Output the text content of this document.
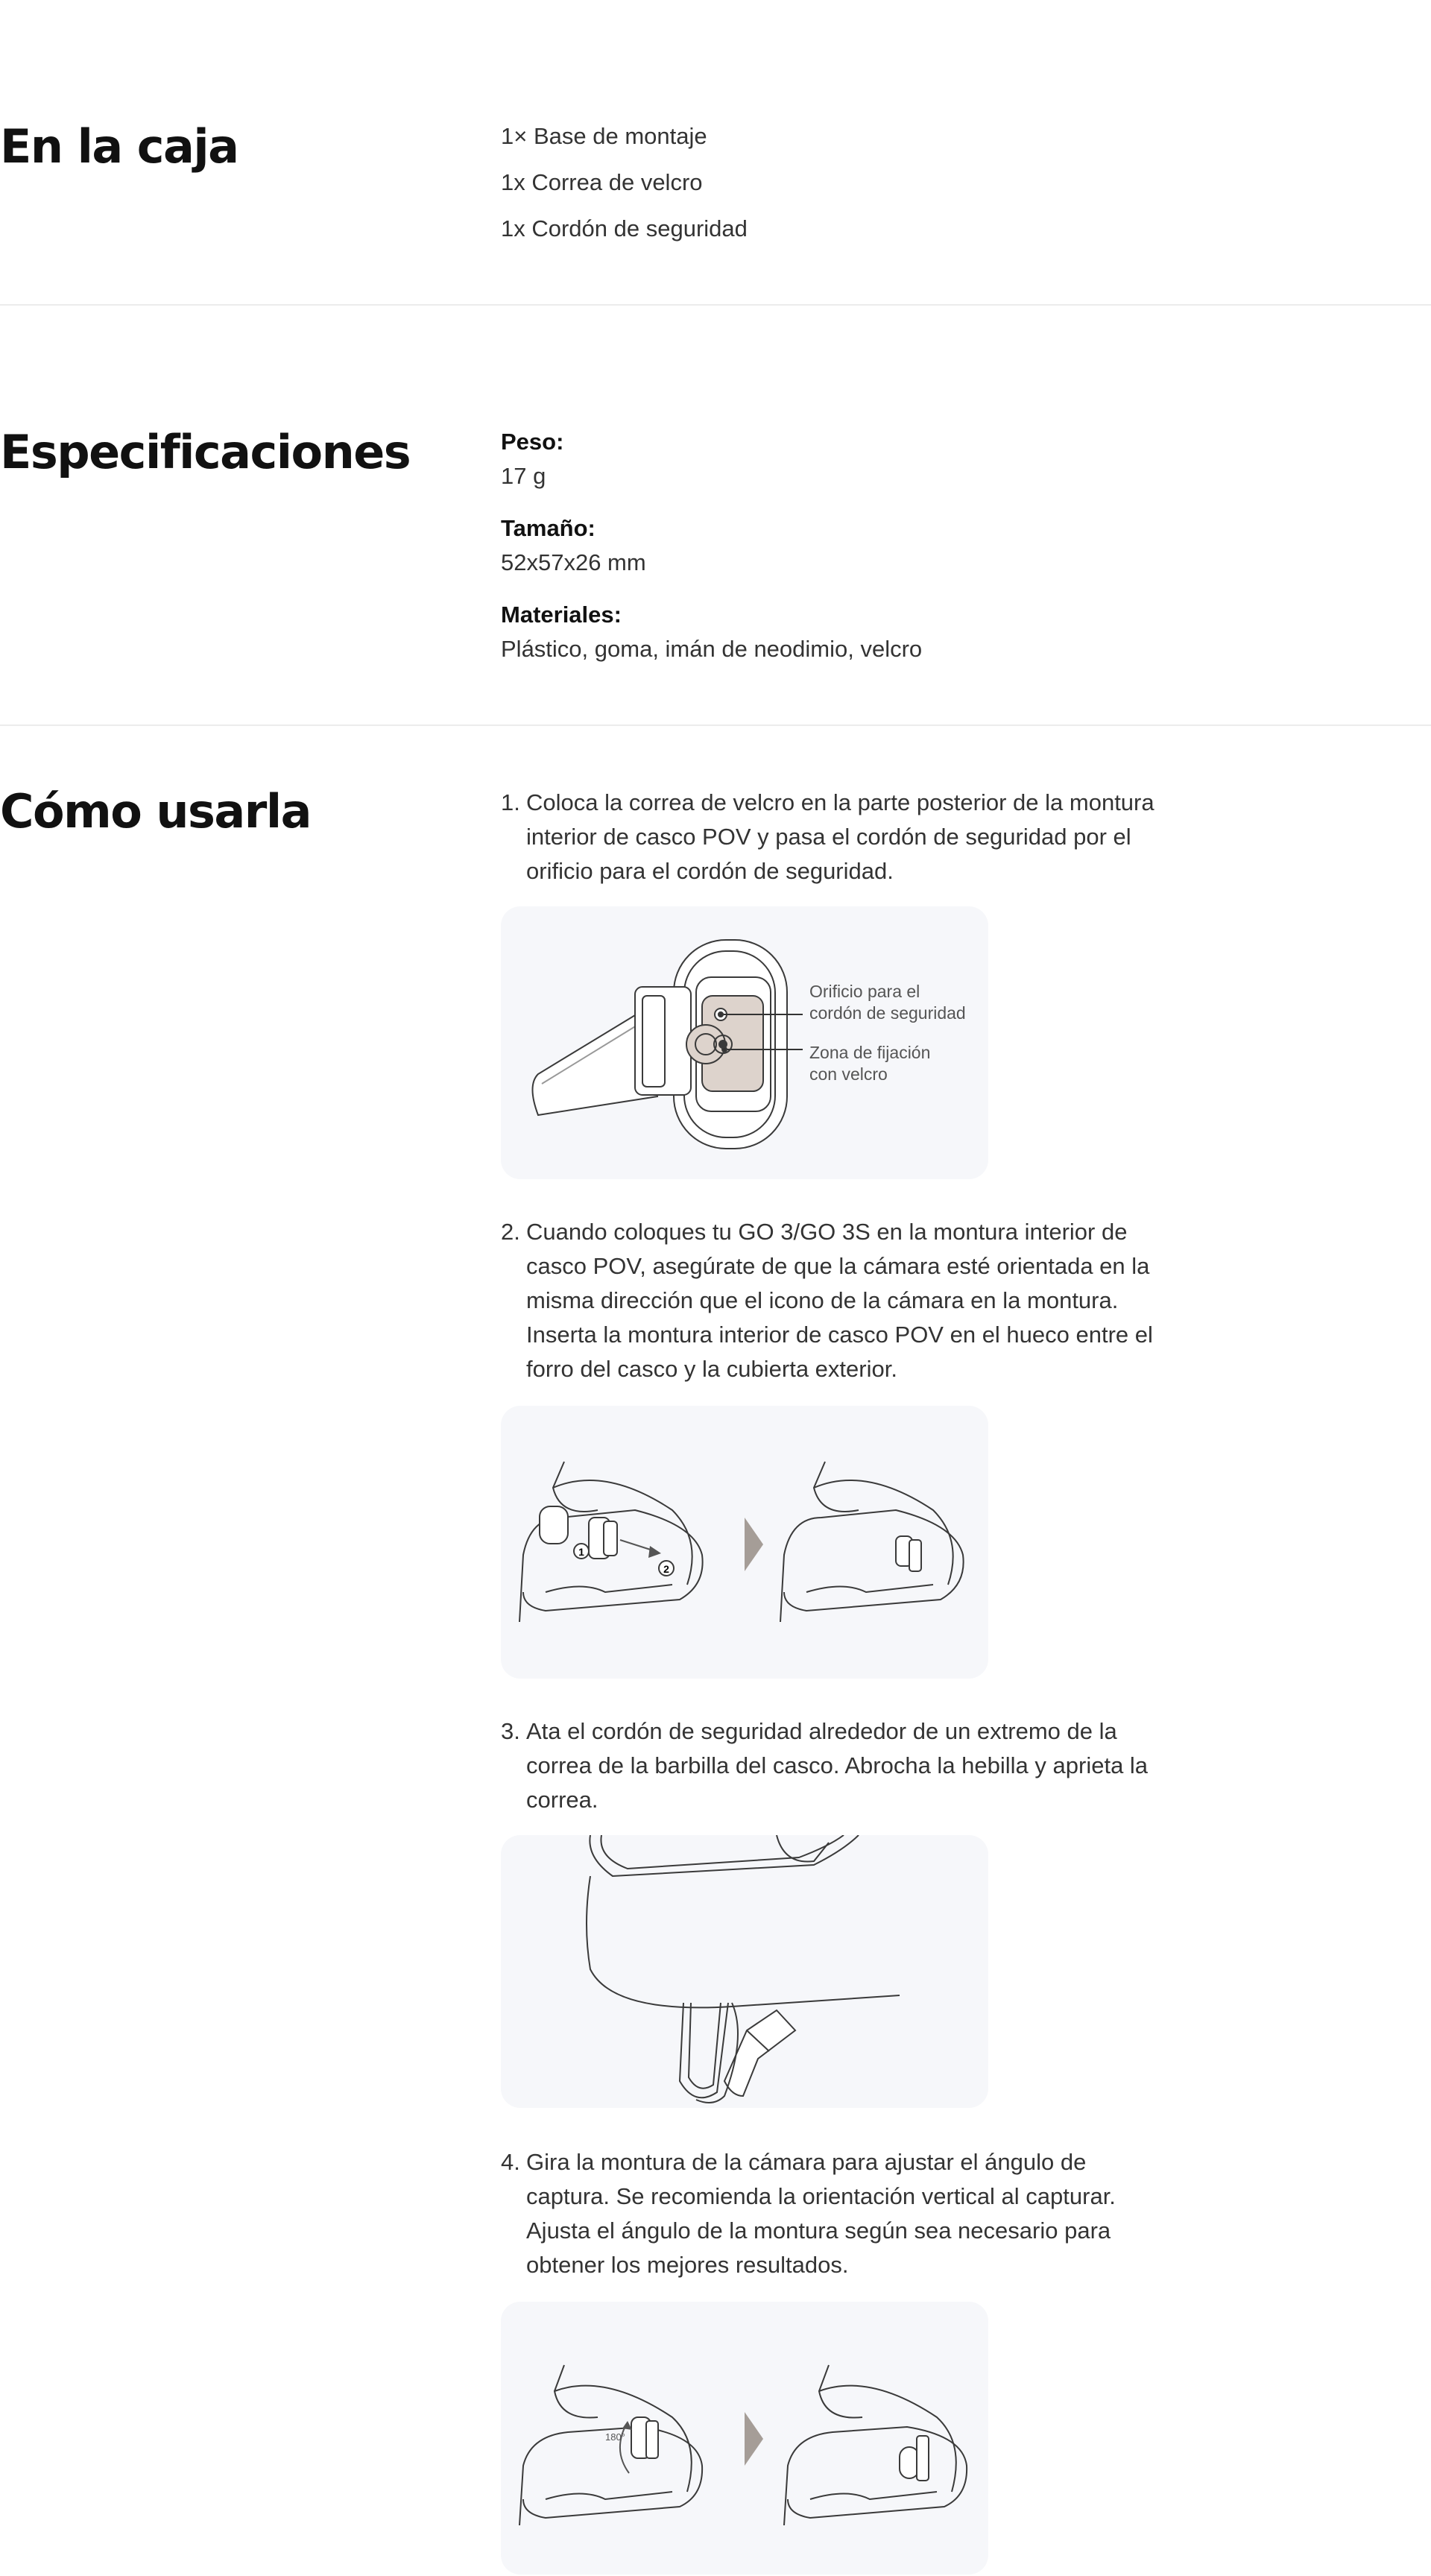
En la caja	1× Base de montaje
1x Correa de velcro
1x Cordón de seguridad
Especificaciones	Peso:
17 g
Tamaño:
52x57x26 mm
Materiales:
Plástico, goma, imán de neodimio, velcro
Cómo usarla	1. Coloca la correa de velcro en la parte posterior de la montura interior de casco POV y pasa el cordón de seguridad por el orificio para el cordón de seguridad.
Orificio para el
cordón de seguridad
Zona de fijación
con velcro
2. Cuando coloques tu GO 3/GO 3S en la montura interior de casco POV, asegúrate de que la cámara esté orientada en la misma dirección que el icono de la cámara en la montura. Inserta la montura interior de casco POV en el hueco entre el forro del casco y la cubierta exterior.
1
2
3. Ata el cordón de seguridad alrededor de un extremo de la correa de la barbilla del casco. Abrocha la hebilla y aprieta la correa.
4. Gira la montura de la cámara para ajustar el ángulo de captura. Se recomienda la orientación vertical al capturar. Ajusta el ángulo de la montura según sea necesario para obtener los mejores resultados.
180°
